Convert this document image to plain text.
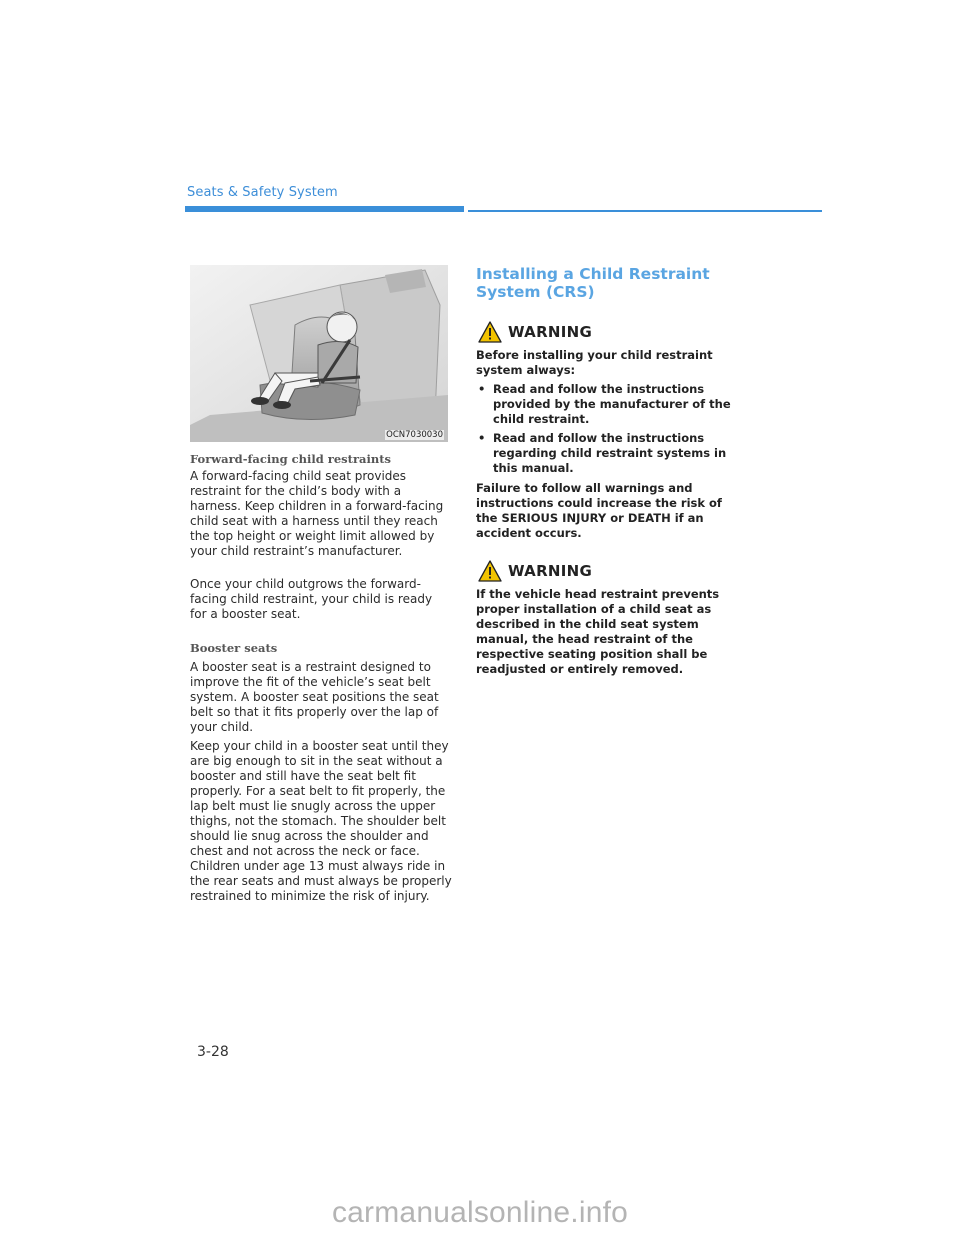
Seats & Safety System
OCN7030030
Forward-facing child restraints

A forward-facing child seat provides restraint for the child’s body with a harness. Keep children in a forward-facing child seat with a harness until they reach the top height or weight limit allowed by your child restraint’s manufacturer.

Once your child outgrows the forward-facing child restraint, your child is ready for a booster seat.

Booster seats

A booster seat is a restraint designed to improve the fit of the vehicle’s seat belt system. A booster seat positions the seat belt so that it fits properly over the lap of your child.

Keep your child in a booster seat until they are big enough to sit in the seat without a booster and still have the seat belt fit properly. For a seat belt to fit properly, the lap belt must lie snugly across the upper thighs, not the stomach. The shoulder belt should lie snug across the shoulder and chest and not across the neck or face. Children under age 13 must always ride in the rear seats and must always be properly restrained to minimize the risk of injury.

Installing a Child Restraint System (CRS)
WARNING

Before installing your child restraint system always:

• Read and follow the instructions provided by the manufacturer of the child restraint.
• Read and follow the instructions regarding child restraint systems in this manual.

Failure to follow all warnings and instructions could increase the risk of the SERIOUS INJURY or DEATH if an accident occurs.

WARNING

If the vehicle head restraint prevents proper installation of a child seat as described in the child seat system manual, the head restraint of the respective seating position shall be readjusted or entirely removed.

3-28
carmanualsonline.info
